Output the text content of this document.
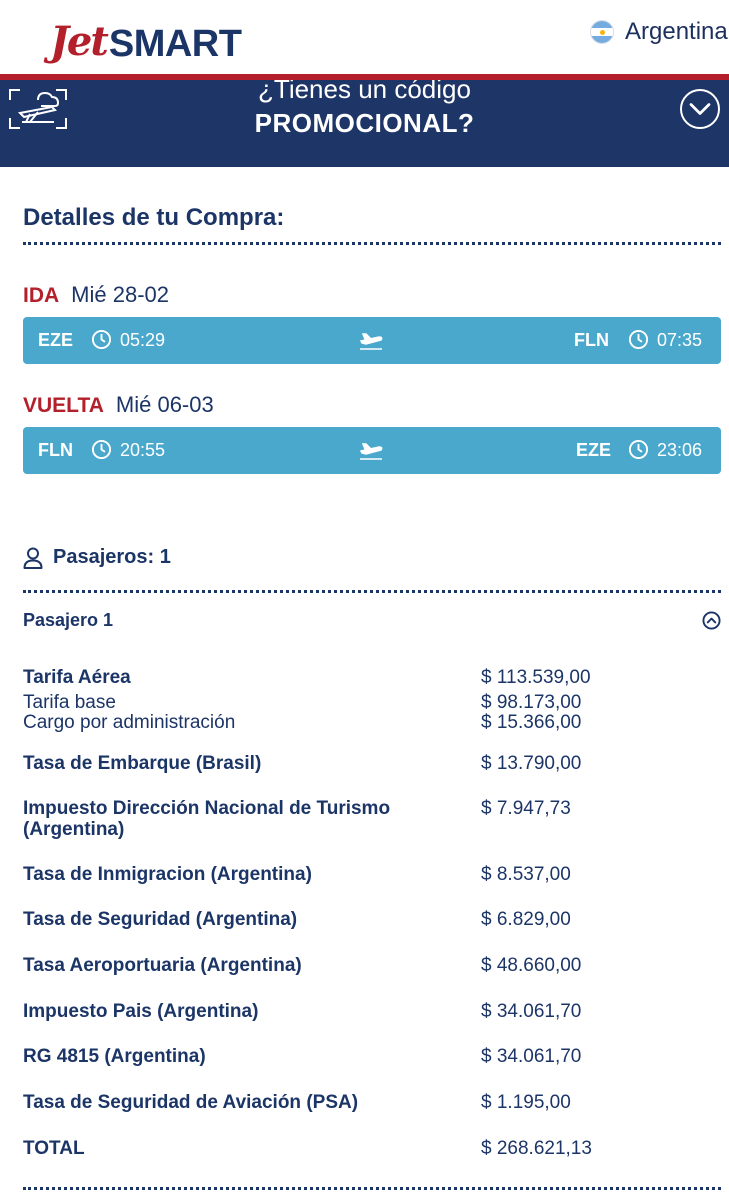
Jet SMART	Argentina
¿Tienes un código
PROMOCIONAL?
Detalles de tu Compra:
IDA Mié 28-02
EZE	05:29	FLN	07:35
VUELTA Mié 06-03
FLN	20:55	EZE	23:06
Pasajeros: 1
Pasajero 1
Tarifa Aérea	$ 113.539,00
Tarifa base	$ 98.173,00
Cargo por administración	$ 15.366,00
Tasa de Embarque (Brasil)	$ 13.790,00
Impuesto Dirección Nacional de Turismo (Argentina)
$ 7.947,73
Tasa de Inmigracion (Argentina)	$ 8.537,00
Tasa de Seguridad (Argentina)	$ 6.829,00
Tasa Aeroportuaria (Argentina)	$ 48.660,00
Impuesto Pais (Argentina)	$ 34.061,70
RG 4815 (Argentina)	$ 34.061,70
Tasa de Seguridad de Aviación (PSA)	$ 1.195,00
TOTAL	$ 268.621,13
